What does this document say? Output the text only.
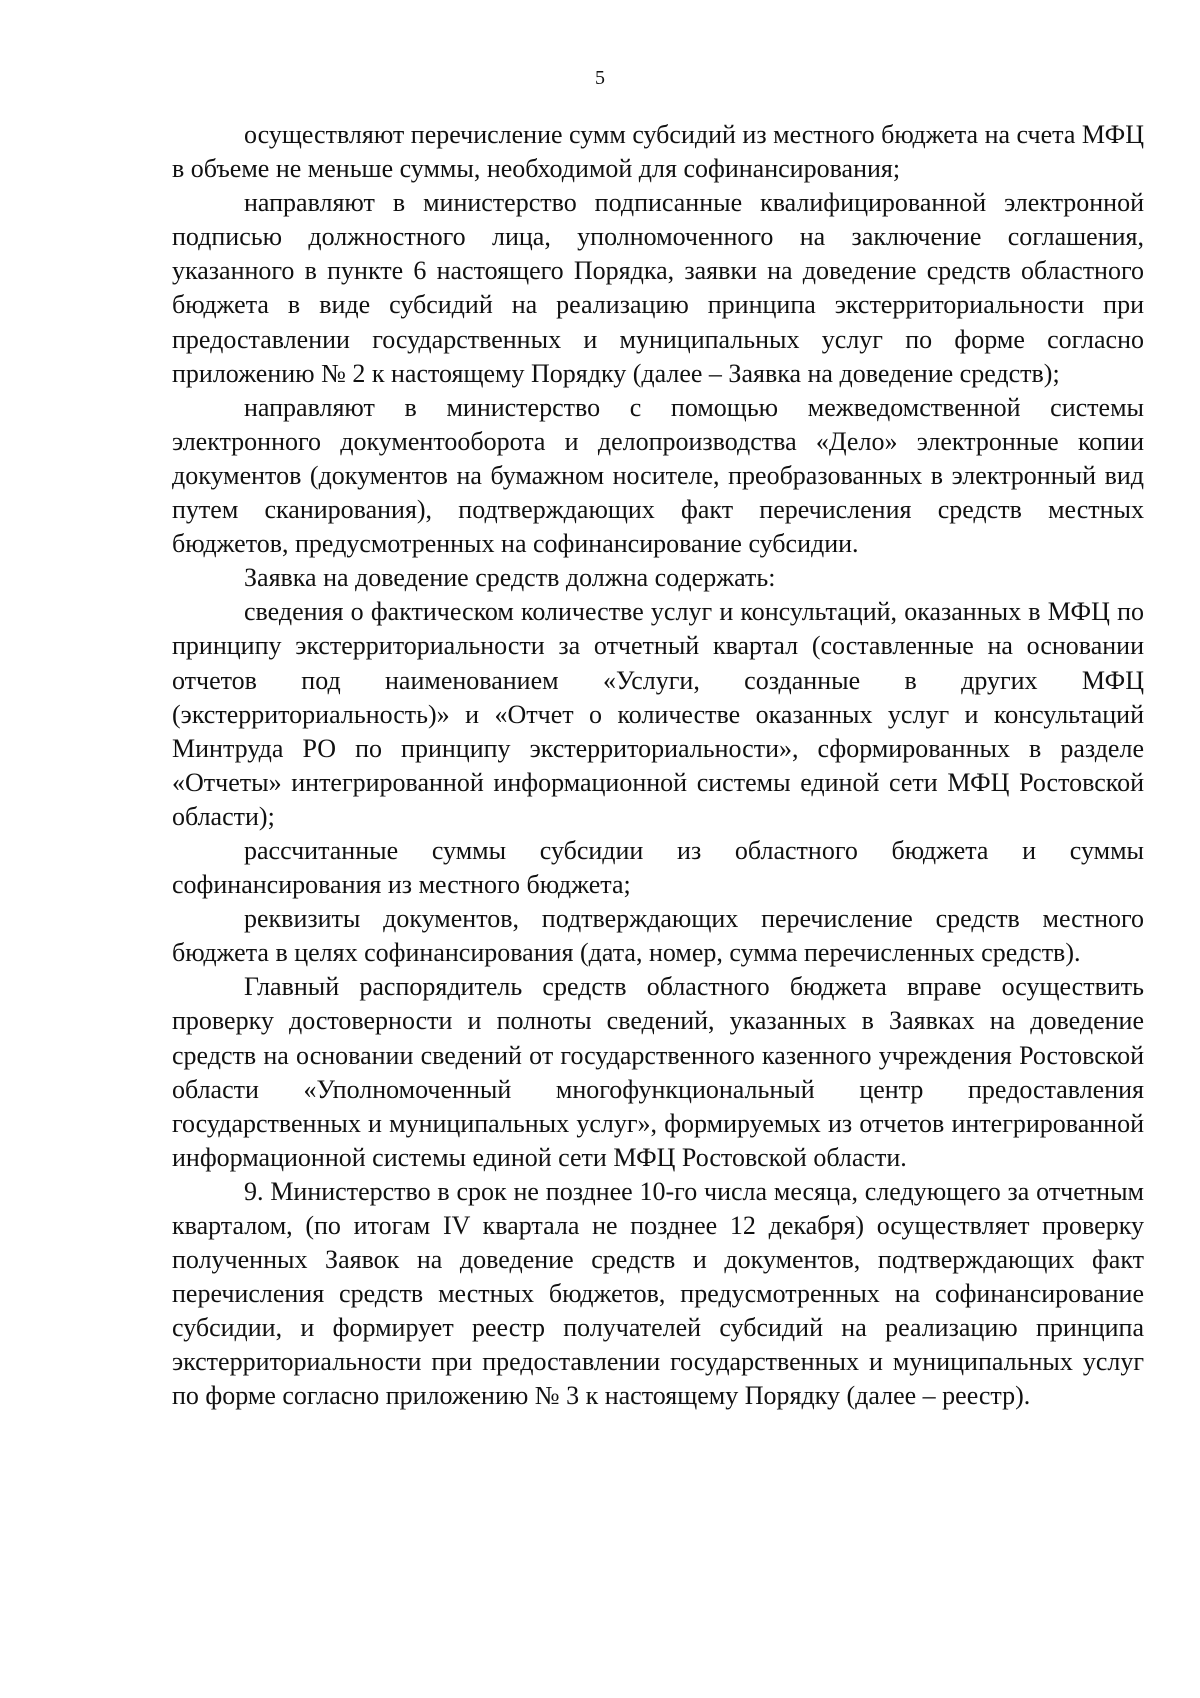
5

осуществляют перечисление сумм субсидий из местного бюджета на счета МФЦ в объеме не меньше суммы, необходимой для софинансирования;

направляют в министерство подписанные квалифицированной электронной подписью должностного лица, уполномоченного на заключение соглашения, указанного в пункте 6 настоящего Порядка, заявки на доведение средств областного бюджета в виде субсидий на реализацию принципа экстерриториальности при предоставлении государственных и муниципальных услуг по форме согласно приложению № 2 к настоящему Порядку (далее – Заявка на доведение средств);

направляют в министерство с помощью межведомственной системы электронного документооборота и делопроизводства «Дело» электронные копии документов (документов на бумажном носителе, преобразованных в электронный вид путем сканирования), подтверждающих факт перечисления средств местных бюджетов, предусмотренных на софинансирование субсидии.

Заявка на доведение средств должна содержать:

сведения о фактическом количестве услуг и консультаций, оказанных в МФЦ по принципу экстерриториальности за отчетный квартал (составленные на основании отчетов под наименованием «Услуги, созданные в других МФЦ (экстерриториальность)» и «Отчет о количестве оказанных услуг и консультаций Минтруда РО по принципу экстерриториальности», сформированных в разделе «Отчеты» интегрированной информационной системы единой сети МФЦ Ростовской области);

рассчитанные суммы субсидии из областного бюджета и суммы софинансирования из местного бюджета;

реквизиты документов, подтверждающих перечисление средств местного бюджета в целях софинансирования (дата, номер, сумма перечисленных средств).

Главный распорядитель средств областного бюджета вправе осуществить проверку достоверности и полноты сведений, указанных в Заявках на доведение средств на основании сведений от государственного казенного учреждения Ростовской области «Уполномоченный многофункциональный центр предоставления государственных и муниципальных услуг», формируемых из отчетов интегрированной информационной системы единой сети МФЦ Ростовской области.

9. Министерство в срок не позднее 10-го числа месяца, следующего за отчетным кварталом, (по итогам IV квартала не позднее 12 декабря) осуществляет проверку полученных Заявок на доведение средств и документов, подтверждающих факт перечисления средств местных бюджетов, предусмотренных на софинансирование субсидии, и формирует реестр получателей субсидий на реализацию принципа экстерриториальности при предоставлении государственных и муниципальных услуг по форме согласно приложению № 3 к настоящему Порядку (далее – реестр).
